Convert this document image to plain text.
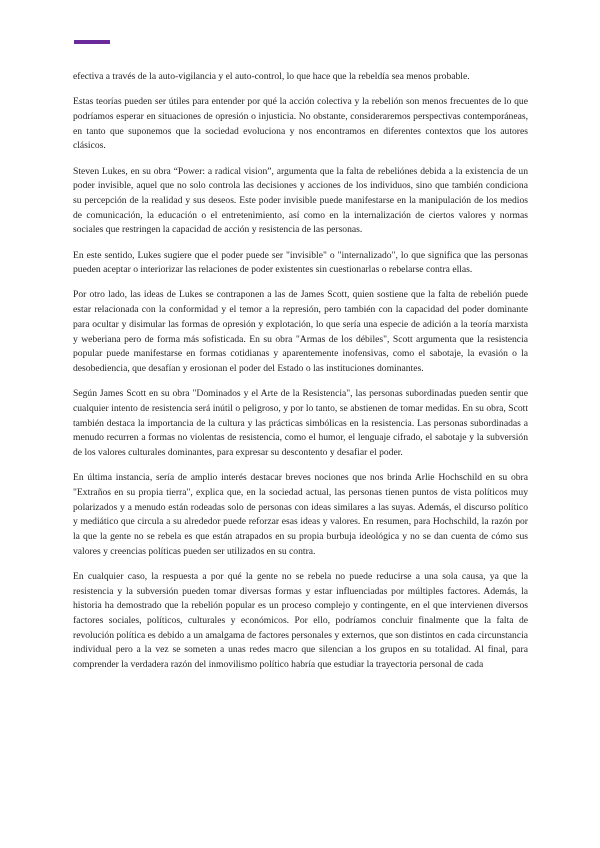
efectiva a través de la auto-vigilancia y el auto-control, lo que hace que la rebeldía sea menos probable.

Estas teorías pueden ser útiles para entender por qué la acción colectiva y la rebelión son menos frecuentes de lo que podríamos esperar en situaciones de opresión o injusticia. No obstante, consideraremos perspectivas contemporáneas, en tanto que suponemos que la sociedad evoluciona y nos encontramos en diferentes contextos que los autores clásicos.

Steven Lukes, en su obra “Power: a radical vision”, argumenta que la falta de rebeliónes debida a la existencia de un poder invisible, aquel que no solo controla las decisiones y acciones de los individuos, sino que también condiciona su percepción de la realidad y sus deseos. Este poder invisible puede manifestarse en la manipulación de los medios de comunicación, la educación o el entretenimiento, así como en la internalización de ciertos valores y normas sociales que restringen la capacidad de acción y resistencia de las personas.

En este sentido, Lukes sugiere que el poder puede ser "invisible" o "internalizado", lo que significa que las personas pueden aceptar o interiorizar las relaciones de poder existentes sin cuestionarlas o rebelarse contra ellas.

Por otro lado, las ideas de Lukes se contraponen a las de James Scott, quien sostiene que la falta de rebelión puede estar relacionada con la conformidad y el temor a la represión, pero también con la capacidad del poder dominante para ocultar y disimular las formas de opresión y explotación, lo que sería una especie de adición a la teoría marxista y weberiana pero de forma más sofisticada. En su obra "Armas de los débiles", Scott argumenta que la resistencia popular puede manifestarse en formas cotidianas y aparentemente inofensivas, como el sabotaje, la evasión o la desobediencia, que desafían y erosionan el poder del Estado o las instituciones dominantes.

Según James Scott en su obra "Dominados y el Arte de la Resistencia", las personas subordinadas pueden sentir que cualquier intento de resistencia será inútil o peligroso, y por lo tanto, se abstienen de tomar medidas. En su obra, Scott también destaca la importancia de la cultura y las prácticas simbólicas en la resistencia. Las personas subordinadas a menudo recurren a formas no violentas de resistencia, como el humor, el lenguaje cifrado, el sabotaje y la subversión de los valores culturales dominantes, para expresar su descontento y desafiar el poder.

En última instancia, sería de amplio interés destacar breves nociones que nos brinda Arlie Hochschild en su obra "Extraños en su propia tierra", explica que, en la sociedad actual, las personas tienen puntos de vista políticos muy polarizados y a menudo están rodeadas solo de personas con ideas similares a las suyas. Además, el discurso político y mediático que circula a su alrededor puede reforzar esas ideas y valores. En resumen, para Hochschild, la razón por la que la gente no se rebela es que están atrapados en su propia burbuja ideológica y no se dan cuenta de cómo sus valores y creencias políticas pueden ser utilizados en su contra.

En cualquier caso, la respuesta a por qué la gente no se rebela no puede reducirse a una sola causa, ya que la resistencia y la subversión pueden tomar diversas formas y estar influenciadas por múltiples factores. Además, la historia ha demostrado que la rebelión popular es un proceso complejo y contingente, en el que intervienen diversos factores sociales, políticos, culturales y económicos. Por ello, podríamos concluir finalmente que la falta de revolución política es debido a un amalgama de factores personales y externos, que son distintos en cada circunstancia individual pero a la vez se someten a unas redes macro que silencian a los grupos en su totalidad. Al final, para comprender la verdadera razón del inmovilismo político habría que estudiar la trayectoria personal de cada
